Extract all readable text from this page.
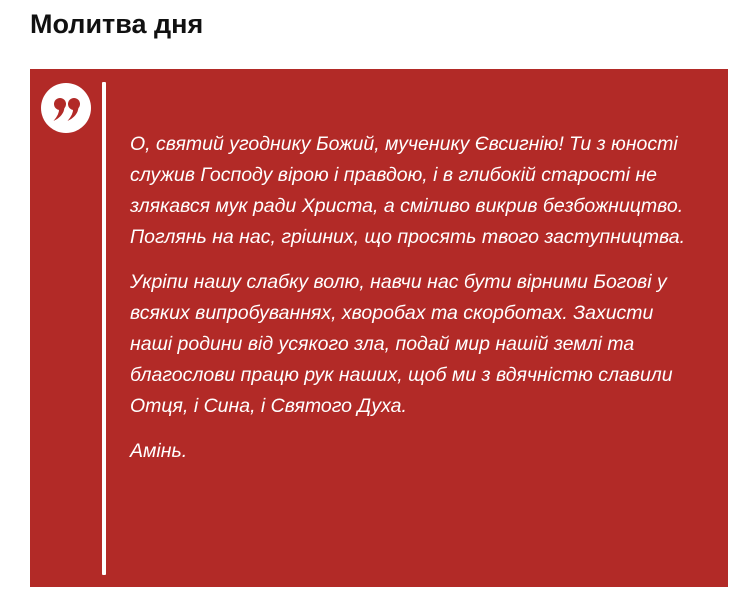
Молитва дня

О, святий угоднику Божий, мученику Євсигнію! Ти з юності служив Господу вірою і правдою, і в глибокій старості не злякався мук ради Христа, а сміливо викрив безбожництво. Поглянь на нас, грішних, що просять твого заступництва.

Укріпи нашу слабку волю, навчи нас бути вірними Богові у всяких випробуваннях, хворобах та скорботах. Захисти наші родини від усякого зла, подай мир нашій землі та благослови працю рук наших, щоб ми з вдячністю славили Отця, і Сина, і Святого Духа.

Амінь.
